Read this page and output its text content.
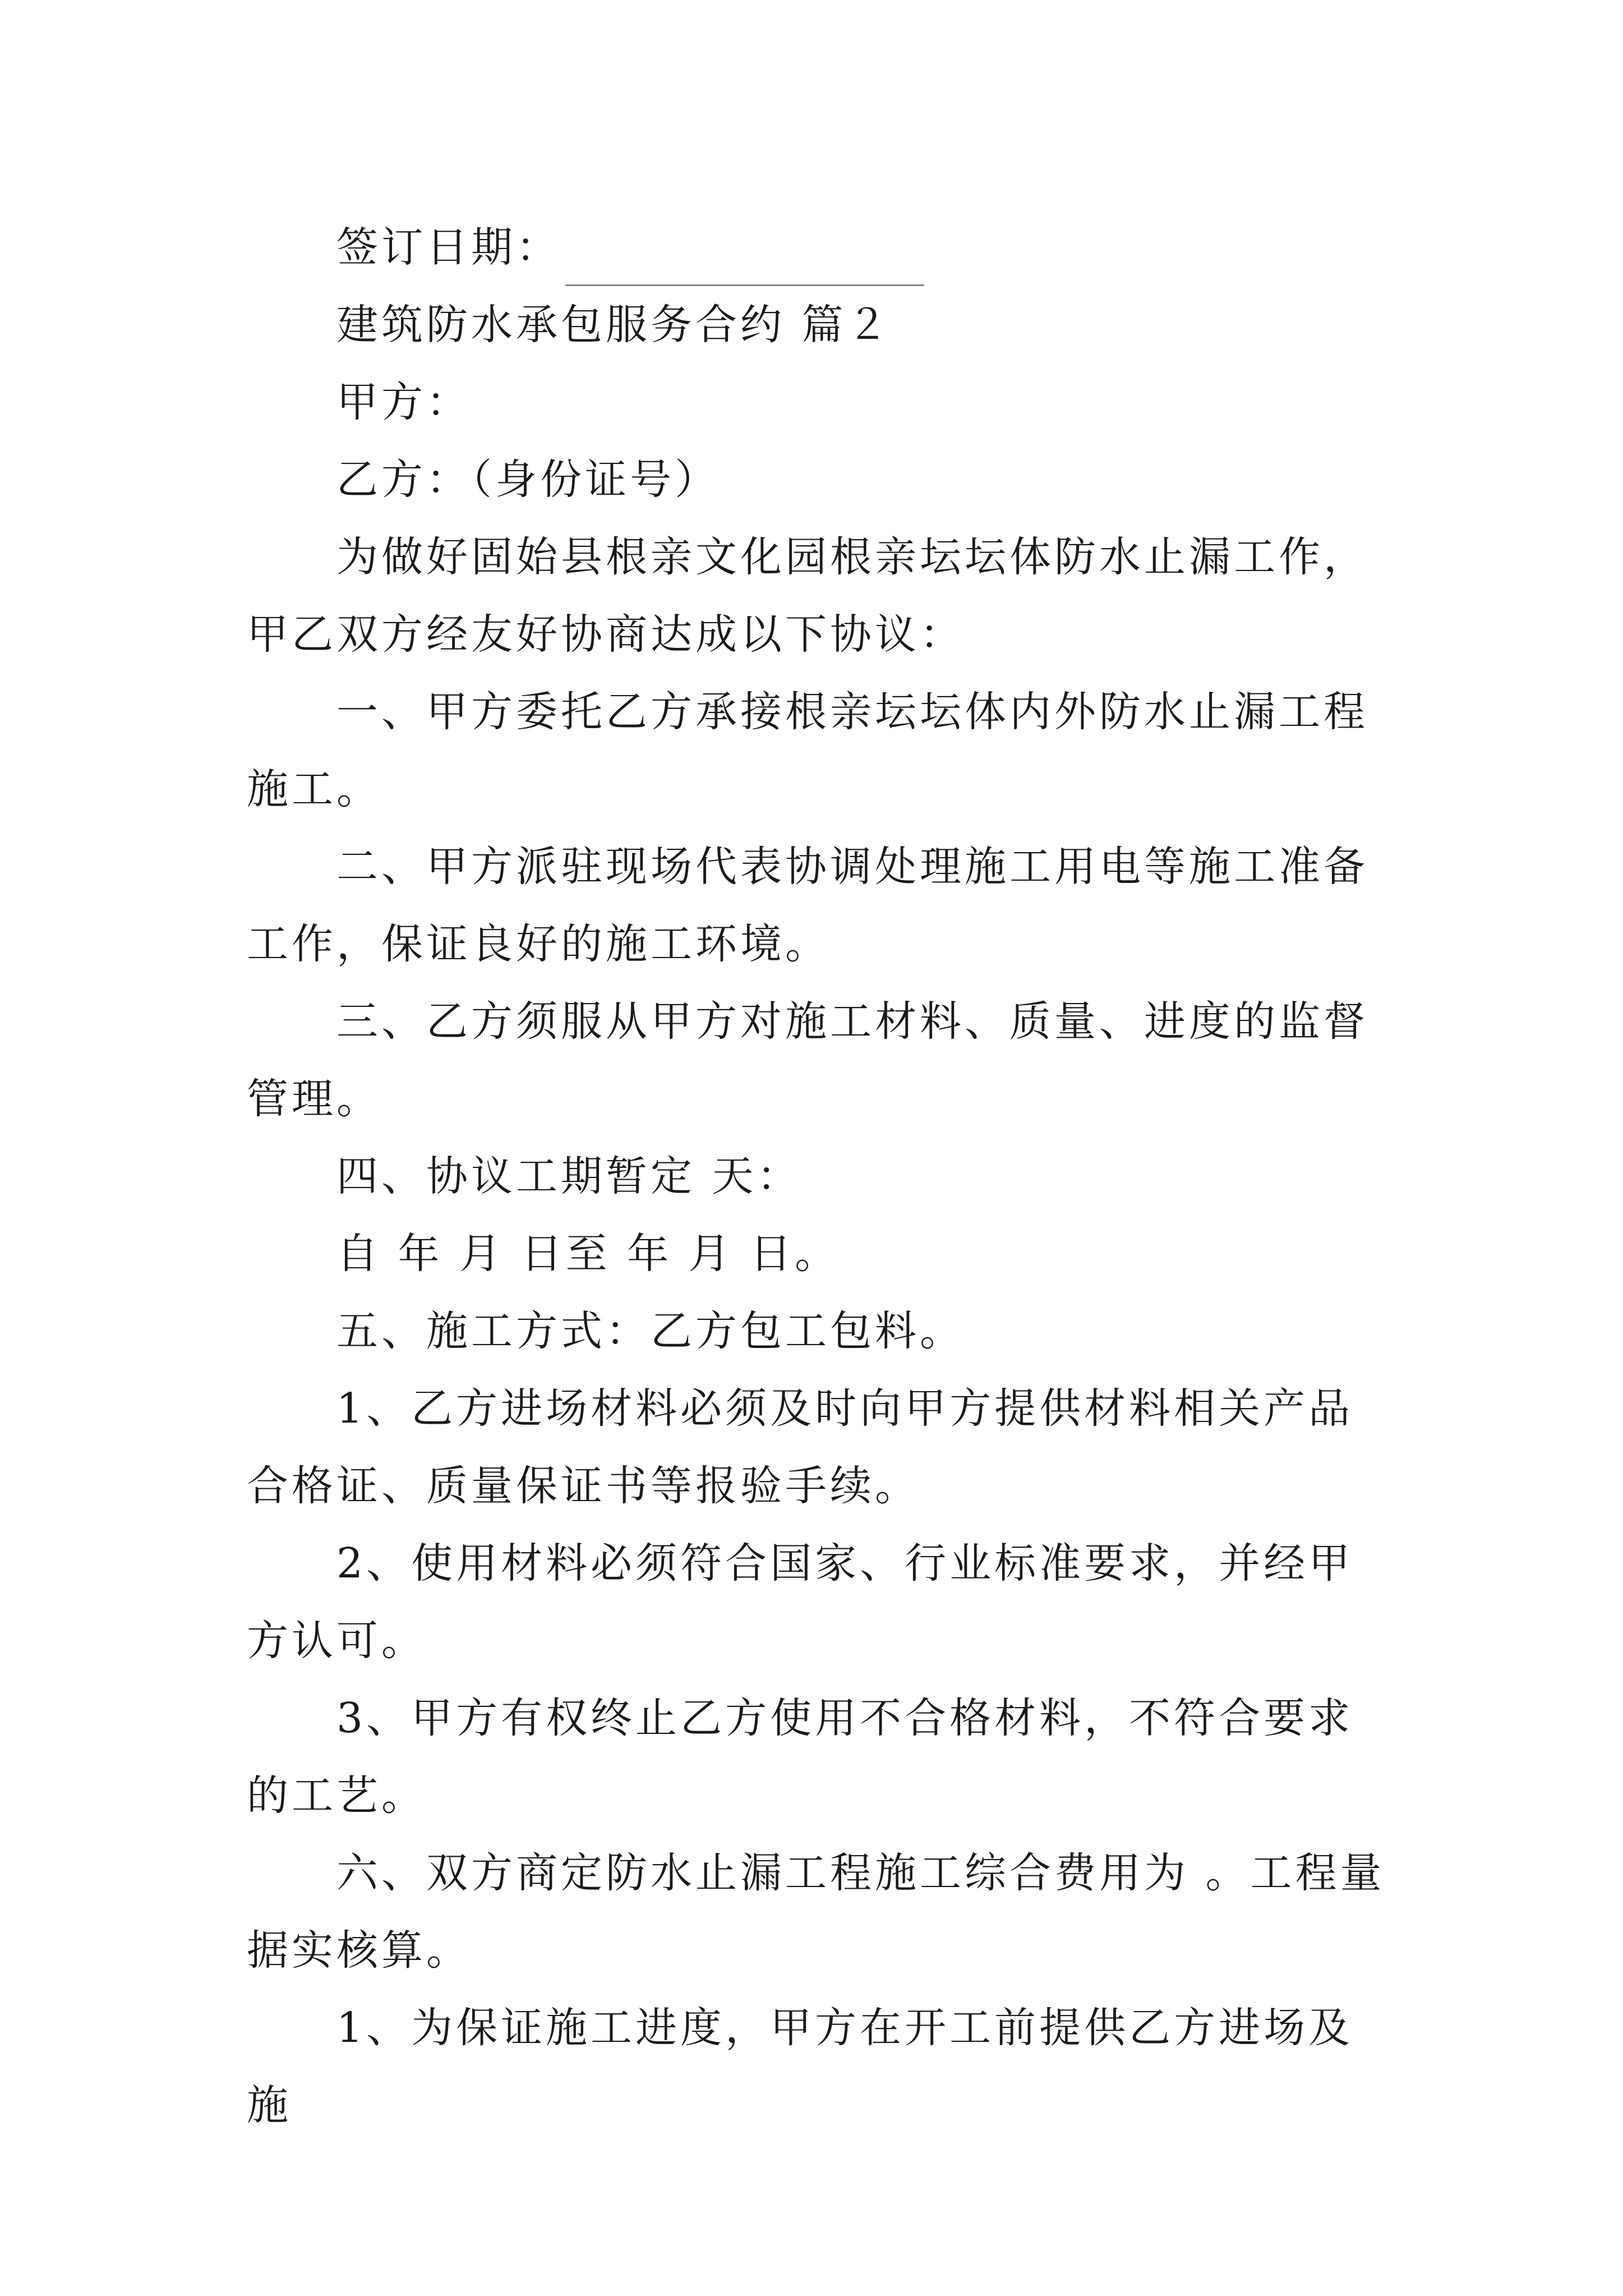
签订日期：

建筑防水承包服务合约 篇２

甲方：

乙方：（身份证号）

为做好固始县根亲文化园根亲坛坛体防水止漏工作，甲乙双方经友好协商达成以下协议：

一、甲方委托乙方承接根亲坛坛体内外防水止漏工程施工。

二、甲方派驻现场代表协调处理施工用电等施工准备工作，保证良好的施工环境。

三、乙方须服从甲方对施工材料、质量、进度的监督管理。

四、协议工期暂定 天：

自 年 月 日至 年 月 日。

五、施工方式：乙方包工包料。

1、乙方进场材料必须及时向甲方提供材料相关产品合格证、质量保证书等报验手续。

2、使用材料必须符合国家、行业标准要求，并经甲方认可。

3、甲方有权终止乙方使用不合格材料，不符合要求的工艺。

六、双方商定防水止漏工程施工综合费用为 。工程量据实核算。

1、为保证施工进度，甲方在开工前提供乙方进场及施
